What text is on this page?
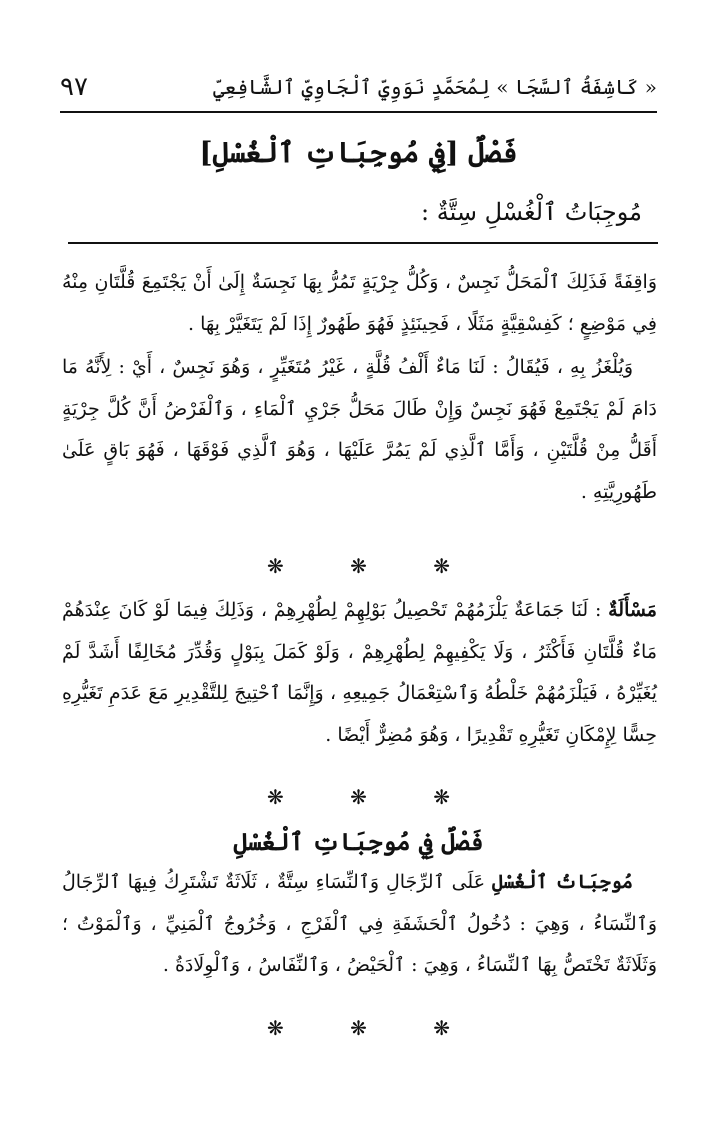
٩٧	« كَاشِفَةُ ٱلسَّجَا » لِمُحَمَّدٍ نَوَوِيِّ ٱلْجَاوِيِّ ٱلشَّافِعِيِّ
فَصْلٌ [فِي مُوجِبَاتِ ٱلْغُسْلِ]
مُوجِبَاتُ ٱلْغُسْلِ سِتَّةٌ :
وَاقِفَةً فَذَلِكَ ٱلْمَحَلُّ نَجِسٌ ، وَكُلُّ جِرْيَةٍ تَمُرُّ بِهَا نَجِسَةٌ إِلَىٰ أَنْ يَجْتَمِعَ قُلَّتَانِ مِنْهُ فِي مَوْضِعٍ ؛ كَفِسْقِيَّةٍ مَثَلًا ، فَحِينَئِذٍ فَهُوَ طَهُورٌ إِذَا لَمْ يَتَغَيَّرْ بِهَا .
وَيُلْغَزُ بِهِ ، فَيُقَالُ : لَنَا مَاءٌ أَلْفُ قُلَّةٍ ، غَيْرُ مُتَغَيِّرٍ ، وَهُوَ نَجِسٌ ، أَيْ : لِأَنَّهُ مَا دَامَ لَمْ يَجْتَمِعْ فَهُوَ نَجِسٌ وَإِنْ طَالَ مَحَلُّ جَرْيِ ٱلْمَاءِ ، وَٱلْفَرْضُ أَنَّ كُلَّ جِرْيَةٍ أَقَلُّ مِنْ قُلَّتَيْنِ ، وَأَمَّا ٱلَّذِي لَمْ يَمُرَّ عَلَيْهَا ، وَهُوَ ٱلَّذِي فَوْقَهَا ، فَهُوَ بَاقٍ عَلَىٰ طَهُورِيَّتِهِ .
❋ ❋ ❋
مَسْأَلَةٌ : لَنَا جَمَاعَةٌ يَلْزَمُهُمْ تَحْصِيلُ بَوْلِهِمْ لِطُهْرِهِمْ ، وَذَلِكَ فِيمَا لَوْ كَانَ عِنْدَهُمْ مَاءٌ قُلَّتَانِ فَأَكْثَرُ ، وَلَا يَكْفِيهِمْ لِطُهْرِهِمْ ، وَلَوْ كَمَلَ بِبَوْلٍ وَقُدِّرَ مُخَالِفًا أَشَدَّ لَمْ يُغَيِّرْهُ ، فَيَلْزَمُهُمْ خَلْطُهُ وَٱسْتِعْمَالُ جَمِيعِهِ ، وَإِنَّمَا ٱحْتِيجَ لِلتَّقْدِيرِ مَعَ عَدَمِ تَغَيُّرِهِ حِسًّا لِإِمْكَانِ تَغَيُّرِهِ تَقْدِيرًا ، وَهُوَ مُضِرٌّ أَيْضًا .
❋ ❋ ❋
فَصْلٌ فِي مُوجِبَاتِ ٱلْغُسْلِ
مُوجِبَاتُ ٱلْغُسْلِ عَلَى ٱلرِّجَالِ وَٱلنِّسَاءِ سِتَّةٌ ، ثَلَاثَةٌ تَشْتَرِكُ فِيهَا ٱلرِّجَالُ وَٱلنِّسَاءُ ، وَهِيَ : دُخُولُ ٱلْحَشَفَةِ فِي ٱلْفَرْجِ ، وَخُرُوجُ ٱلْمَنِيِّ ، وَٱلْمَوْتُ ؛ وَثَلَاثَةٌ تَخْتَصُّ بِهَا ٱلنِّسَاءُ ، وَهِيَ : ٱلْحَيْضُ ، وَٱلنِّفَاسُ ، وَٱلْوِلَادَةُ .
❋ ❋ ❋
